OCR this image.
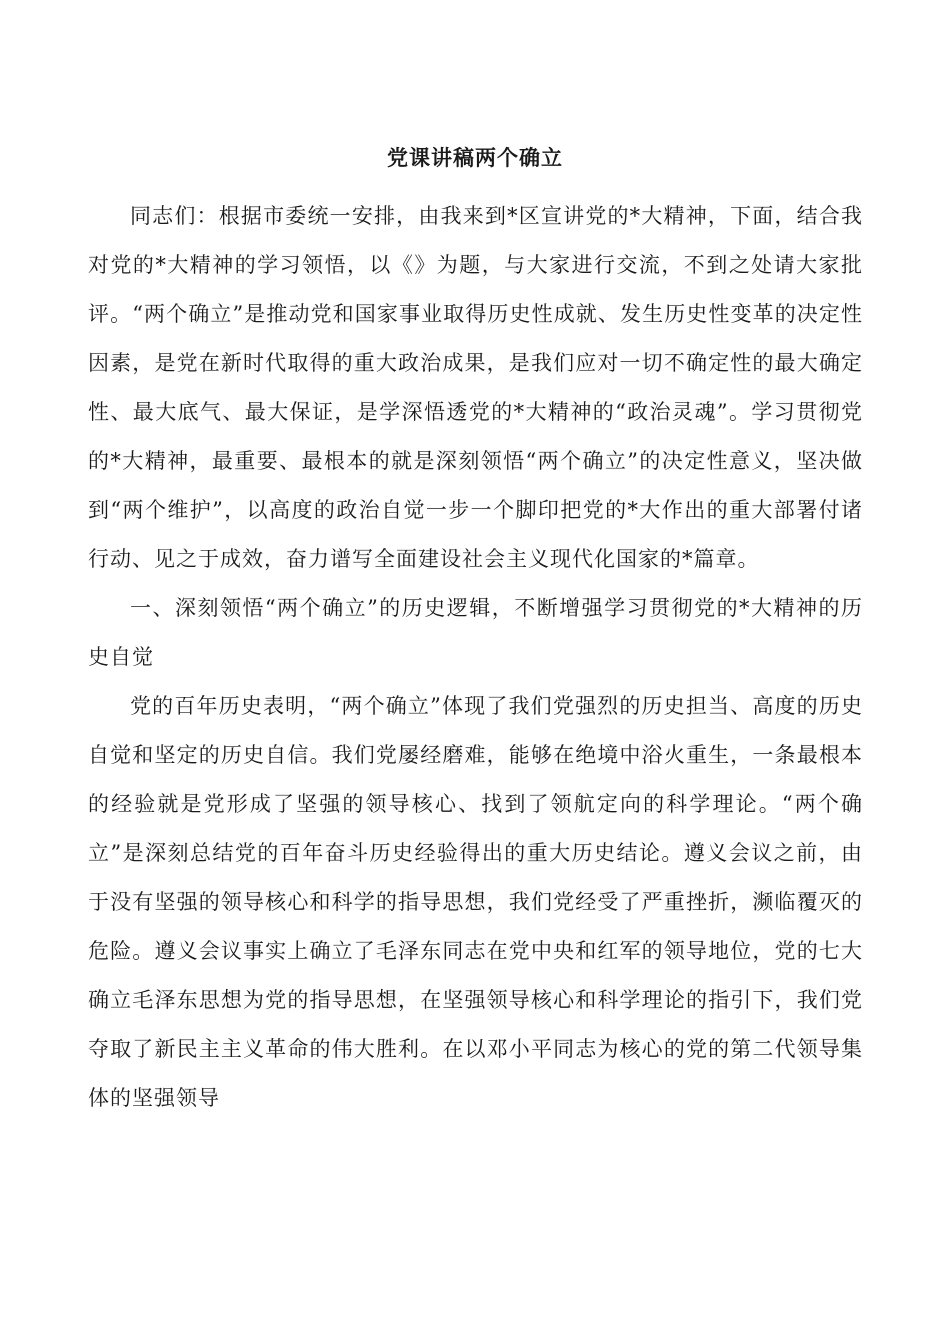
党课讲稿两个确立

同志们：根据市委统一安排，由我来到*区宣讲党的*大精神，下面，结合我对党的*大精神的学习领悟，以《》为题，与大家进行交流，不到之处请大家批评。“两个确立”是推动党和国家事业取得历史性成就、发生历史性变革的决定性因素，是党在新时代取得的重大政治成果，是我们应对一切不确定性的最大确定性、最大底气、最大保证，是学深悟透党的*大精神的“政治灵魂”。学习贯彻党的*大精神，最重要、最根本的就是深刻领悟“两个确立”的决定性意义，坚决做到“两个维护”，以高度的政治自觉一步一个脚印把党的*大作出的重大部署付诸行动、见之于成效，奋力谱写全面建设社会主义现代化国家的*篇章。

一、深刻领悟“两个确立”的历史逻辑，不断增强学习贯彻党的*大精神的历史自觉

党的百年历史表明，“两个确立”体现了我们党强烈的历史担当、高度的历史自觉和坚定的历史自信。我们党屡经磨难，能够在绝境中浴火重生，一条最根本的经验就是党形成了坚强的领导核心、找到了领航定向的科学理论。“两个确立”是深刻总结党的百年奋斗历史经验得出的重大历史结论。遵义会议之前，由于没有坚强的领导核心和科学的指导思想，我们党经受了严重挫折，濒临覆灭的危险。遵义会议事实上确立了毛泽东同志在党中央和红军的领导地位，党的七大确立毛泽东思想为党的指导思想，在坚强领导核心和科学理论的指引下，我们党夺取了新民主主义革命的伟大胜利。在以邓小平同志为核心的党的第二代领导集体的坚强领导
